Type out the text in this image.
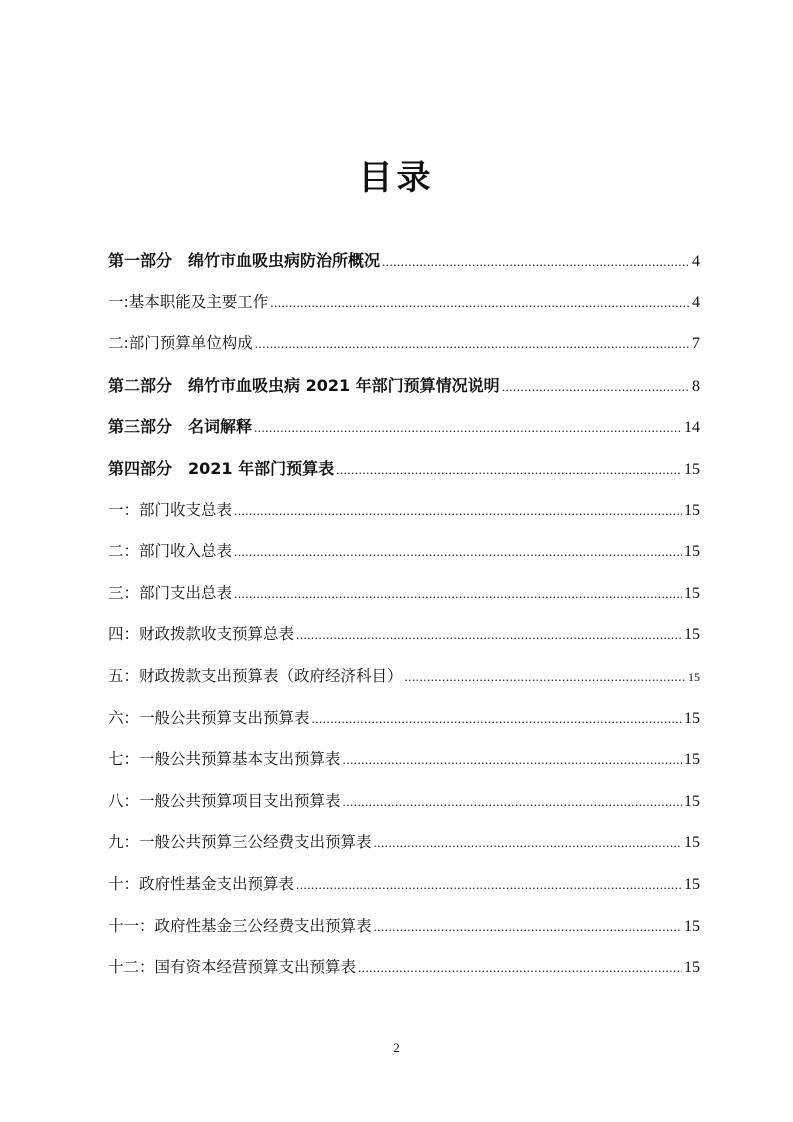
目录
第一部分　绵竹市血吸虫病防治所概况 .....	4
一:基本职能及主要工作 .....	4
二:部门预算单位构成 .....	7
第二部分　绵竹市血吸虫病 2021 年部门预算情况说明 .....	8
第三部分　名词解释 .....	14
第四部分　2021 年部门预算表 .....	15
一：部门收支总表 .....	15
二：部门收入总表 .....	15
三：部门支出总表 .....	15
四：财政拨款收支预算总表 .....	15
五：财政拨款支出预算表（政府经济科目） .....	15
六：一般公共预算支出预算表 .....	15
七：一般公共预算基本支出预算表 .....	15
八：一般公共预算项目支出预算表 .....	15
九：一般公共预算三公经费支出预算表 .....	15
十：政府性基金支出预算表 .....	15
十一：政府性基金三公经费支出预算表 .....	15
十二：国有资本经营预算支出预算表 .....	15
2
